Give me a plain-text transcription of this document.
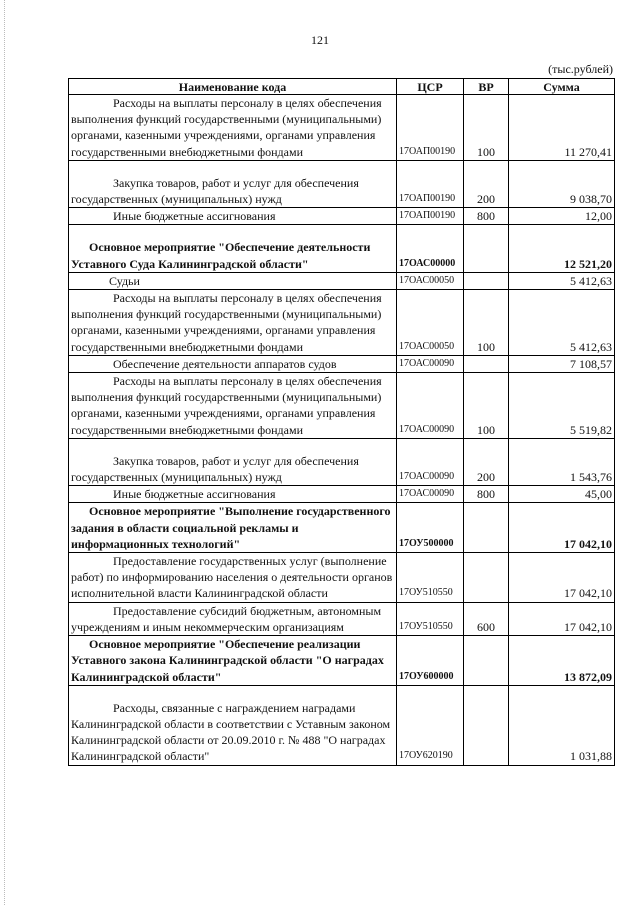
121
(тыс.рублей)
Наименование кода	ЦСР	ВР	Сумма

Расходы на выплаты персоналу в целях обеспечения выполнения функций государственными (муниципальными) органами, казенными учреждениями, органами управления государственными внебюджетными фондами	17ОАП00190	100	11 270,41

Закупка товаров, работ и услуг для обеспечения государственных (муниципальных) нужд	17ОАП00190	200	9 038,70

Иные бюджетные ассигнования	17ОАП00190	800	12,00

Основное мероприятие "Обеспечение деятельности Уставного Суда Калининградской области"	17ОАС00000		12 521,20

Судьи	17ОАС00050		5 412,63

Расходы на выплаты персоналу в целях обеспечения выполнения функций государственными (муниципальными) органами, казенными учреждениями, органами управления государственными внебюджетными фондами	17ОАС00050	100	5 412,63

Обеспечение деятельности аппаратов судов	17ОАС00090		7 108,57

Расходы на выплаты персоналу в целях обеспечения выполнения функций государственными (муниципальными) органами, казенными учреждениями, органами управления государственными внебюджетными фондами	17ОАС00090	100	5 519,82

Закупка товаров, работ и услуг для обеспечения государственных (муниципальных) нужд	17ОАС00090	200	1 543,76

Иные бюджетные ассигнования	17ОАС00090	800	45,00

Основное мероприятие "Выполнение государственного задания в области социальной рекламы и информационных технологий"	17ОУ500000		17 042,10

Предоставление государственных услуг (выполнение работ) по информированию населения о деятельности органов исполнительной власти Калининградской области	17ОУ510550		17 042,10

Предоставление субсидий бюджетным, автономным учреждениям и иным некоммерческим организациям	17ОУ510550	600	17 042,10

Основное мероприятие "Обеспечение реализации Уставного закона Калининградской области "О наградах Калининградской области"	17ОУ600000		13 872,09

Расходы, связанные с награждением наградами Калининградской области в соответствии с Уставным законом Калининградской области от 20.09.2010 г. № 488 "О наградах Калининградской области"	17ОУ620190		1 031,88
